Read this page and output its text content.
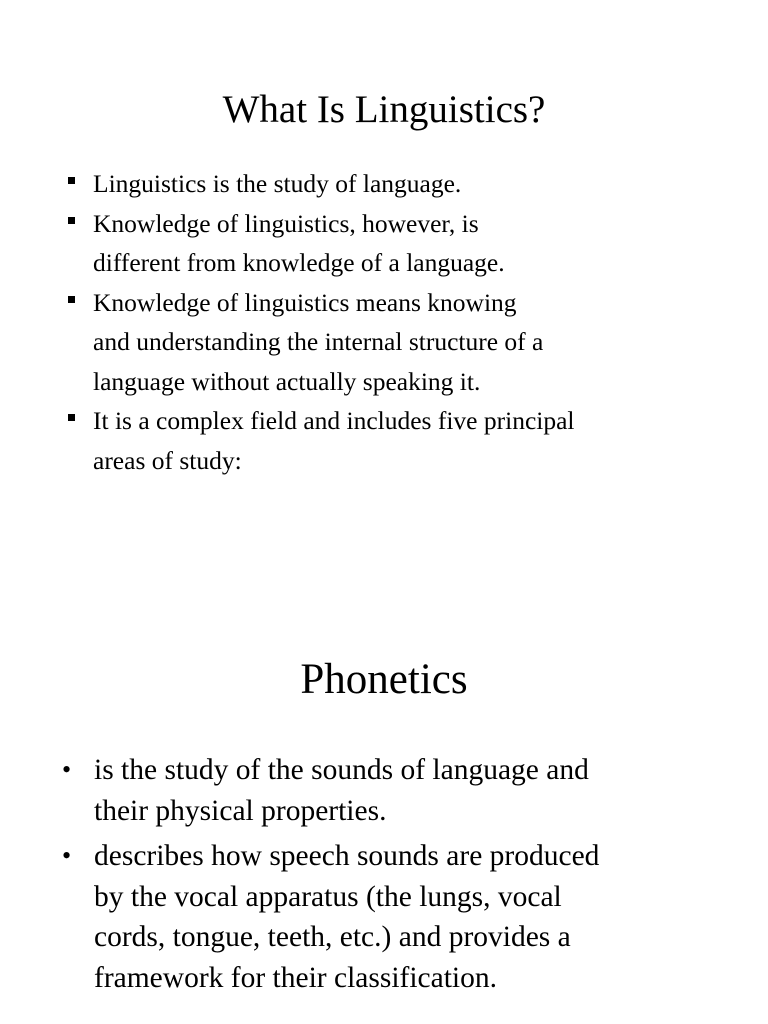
What Is Linguistics?
Linguistics is the study of language.
Knowledge of linguistics, however, is
different from knowledge of a language.
Knowledge of linguistics means knowing
and understanding the internal structure of a
language without actually speaking it.
It is a complex field and includes five principal
areas of study:
Phonetics
• is the study of the sounds of language and
their physical properties.
• describes how speech sounds are produced
by the vocal apparatus (the lungs, vocal
cords, tongue, teeth, etc.) and provides a
framework for their classification.
